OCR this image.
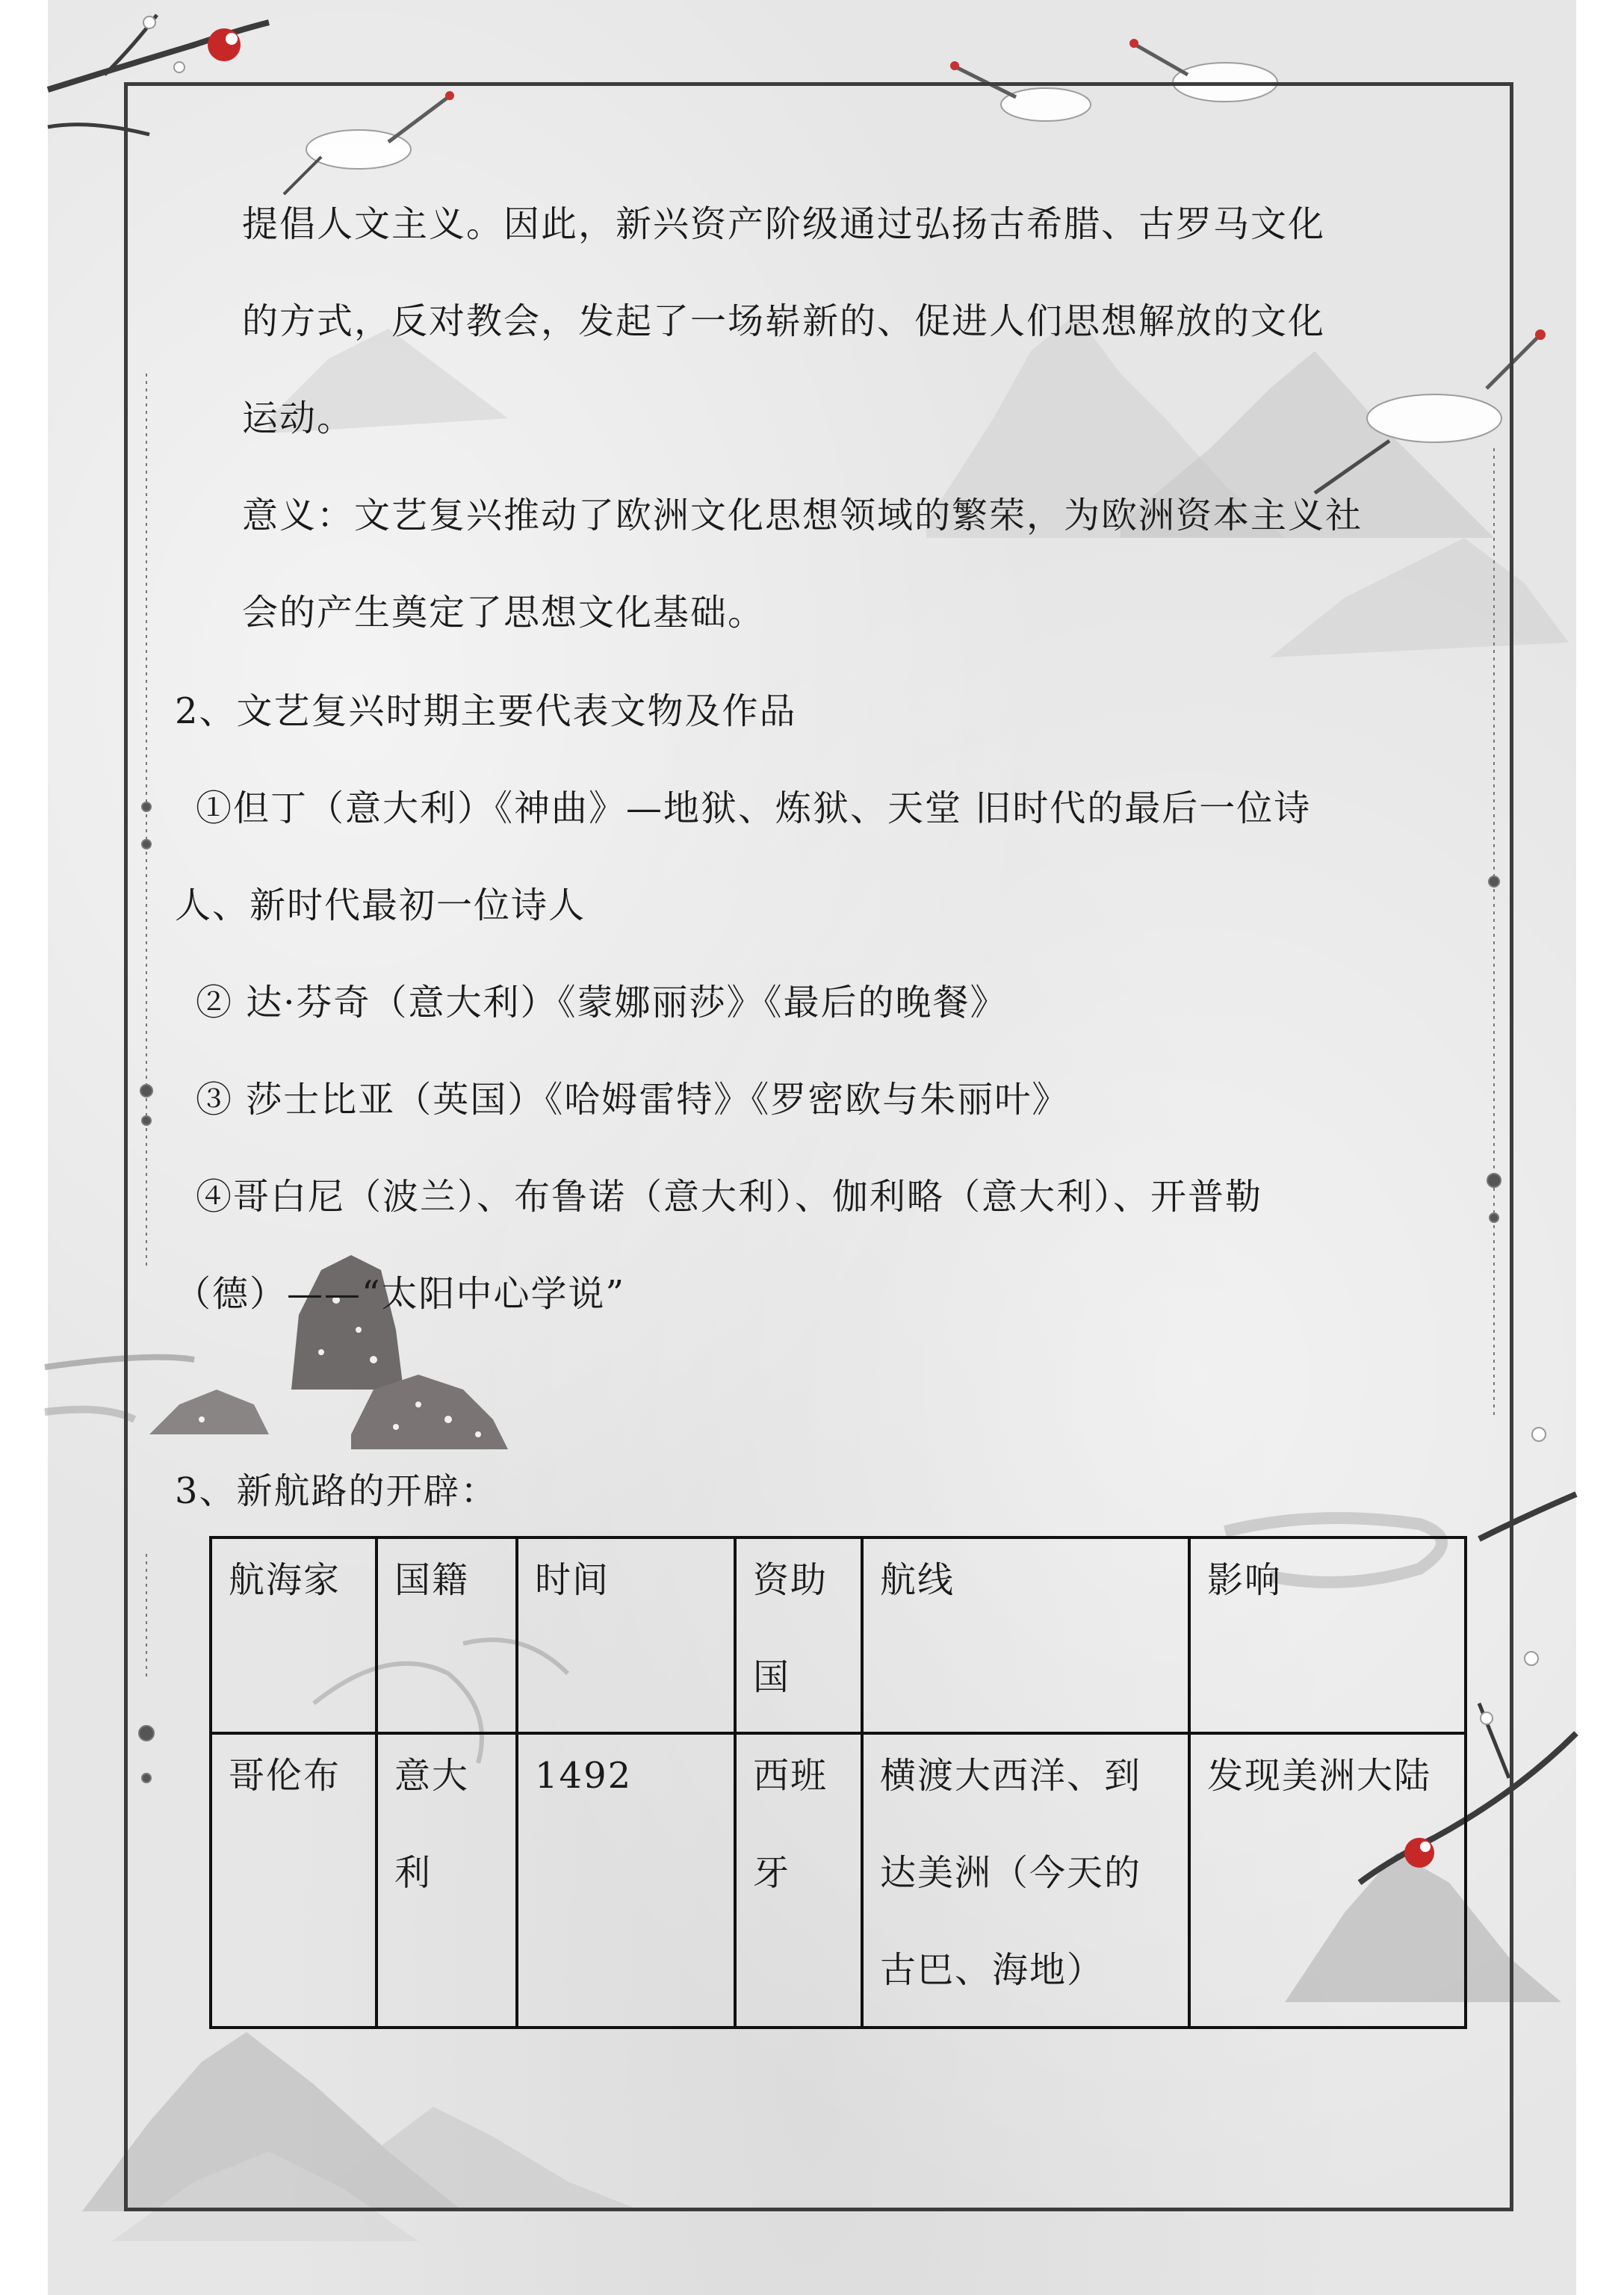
提倡人文主义。因此，新兴资产阶级通过弘扬古希腊、古罗马文化
的方式，反对教会，发起了一场崭新的、促进人们思想解放的文化
运动。
意义：文艺复兴推动了欧洲文化思想领域的繁荣，为欧洲资本主义社
会的产生奠定了思想文化基础。
2、文艺复兴时期主要代表文物及作品
①但丁（意大利）《神曲》—地狱、炼狱、天堂 旧时代的最后一位诗
人、新时代最初一位诗人
② 达·芬奇（意大利）《蒙娜丽莎》《最后的晚餐》
③ 莎士比亚（英国）《哈姆雷特》《罗密欧与朱丽叶》
④哥白尼（波兰）、布鲁诺（意大利）、伽利略（意大利）、开普勒
（德）——“太阳中心学说”
3、新航路的开辟：
航海家	国籍	时间	资助国	航线	影响

哥伦布	意大利	1492	西班牙	横渡大西洋、到达美洲（今天的古巴、海地）	发现美洲大陆
